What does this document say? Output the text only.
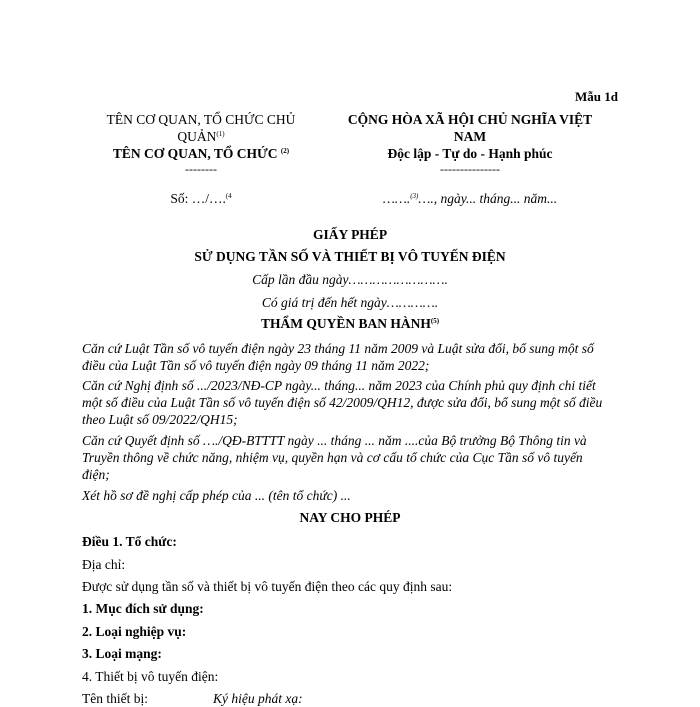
Mẫu 1d
TÊN CƠ QUAN, TỔ CHỨC CHỦ
QUẢN$^{(1)}$
TÊN CƠ QUAN, TỔ CHỨC $^{(2)}$
--------
Số: …/….$^{(4}$
CỘNG HÒA XÃ HỘI CHỦ NGHĨA VIỆT
NAM
Độc lập - Tự do - Hạnh phúc
---------------
…….$^{(3)}$…., ngày... tháng... năm...
GIẤY PHÉP
SỬ DỤNG TẦN SỐ VÀ THIẾT BỊ VÔ TUYẾN ĐIỆN
Cấp lần đầu ngày…………………….
Có giá trị đến hết ngày………….
THẨM QUYỀN BAN HÀNH$^{(5)}$
Căn cứ Luật Tần số vô tuyến điện ngày 23 tháng 11 năm 2009 và Luật sửa đổi, bổ sung một số
điều của Luật Tần số vô tuyến điện ngày 09 tháng 11 năm 2022;
Căn cứ Nghị định số .../2023/NĐ-CP ngày... tháng... năm 2023 của Chính phủ quy định chi tiết
một số điều của Luật Tần số vô tuyến điện số 42/2009/QH12, được sửa đổi, bổ sung một số điều
theo Luật số 09/2022/QH15;
Căn cứ Quyết định số …./QĐ-BTTTT ngày ... tháng ... năm ....của Bộ trưởng Bộ Thông tin và
Truyền thông về chức năng, nhiệm vụ, quyền hạn và cơ cấu tổ chức của Cục Tần số vô tuyến
điện;
Xét hồ sơ đề nghị cấp phép của ... (tên tổ chức) ...
NAY CHO PHÉP
Điều 1. Tổ chức:
Địa chỉ:
Được sử dụng tần số và thiết bị vô tuyến điện theo các quy định sau:
1. Mục đích sử dụng:
2. Loại nghiệp vụ:
3. Loại mạng:
4. Thiết bị vô tuyến điện:
Tên thiết bị:	Ký hiệu phát xạ:
